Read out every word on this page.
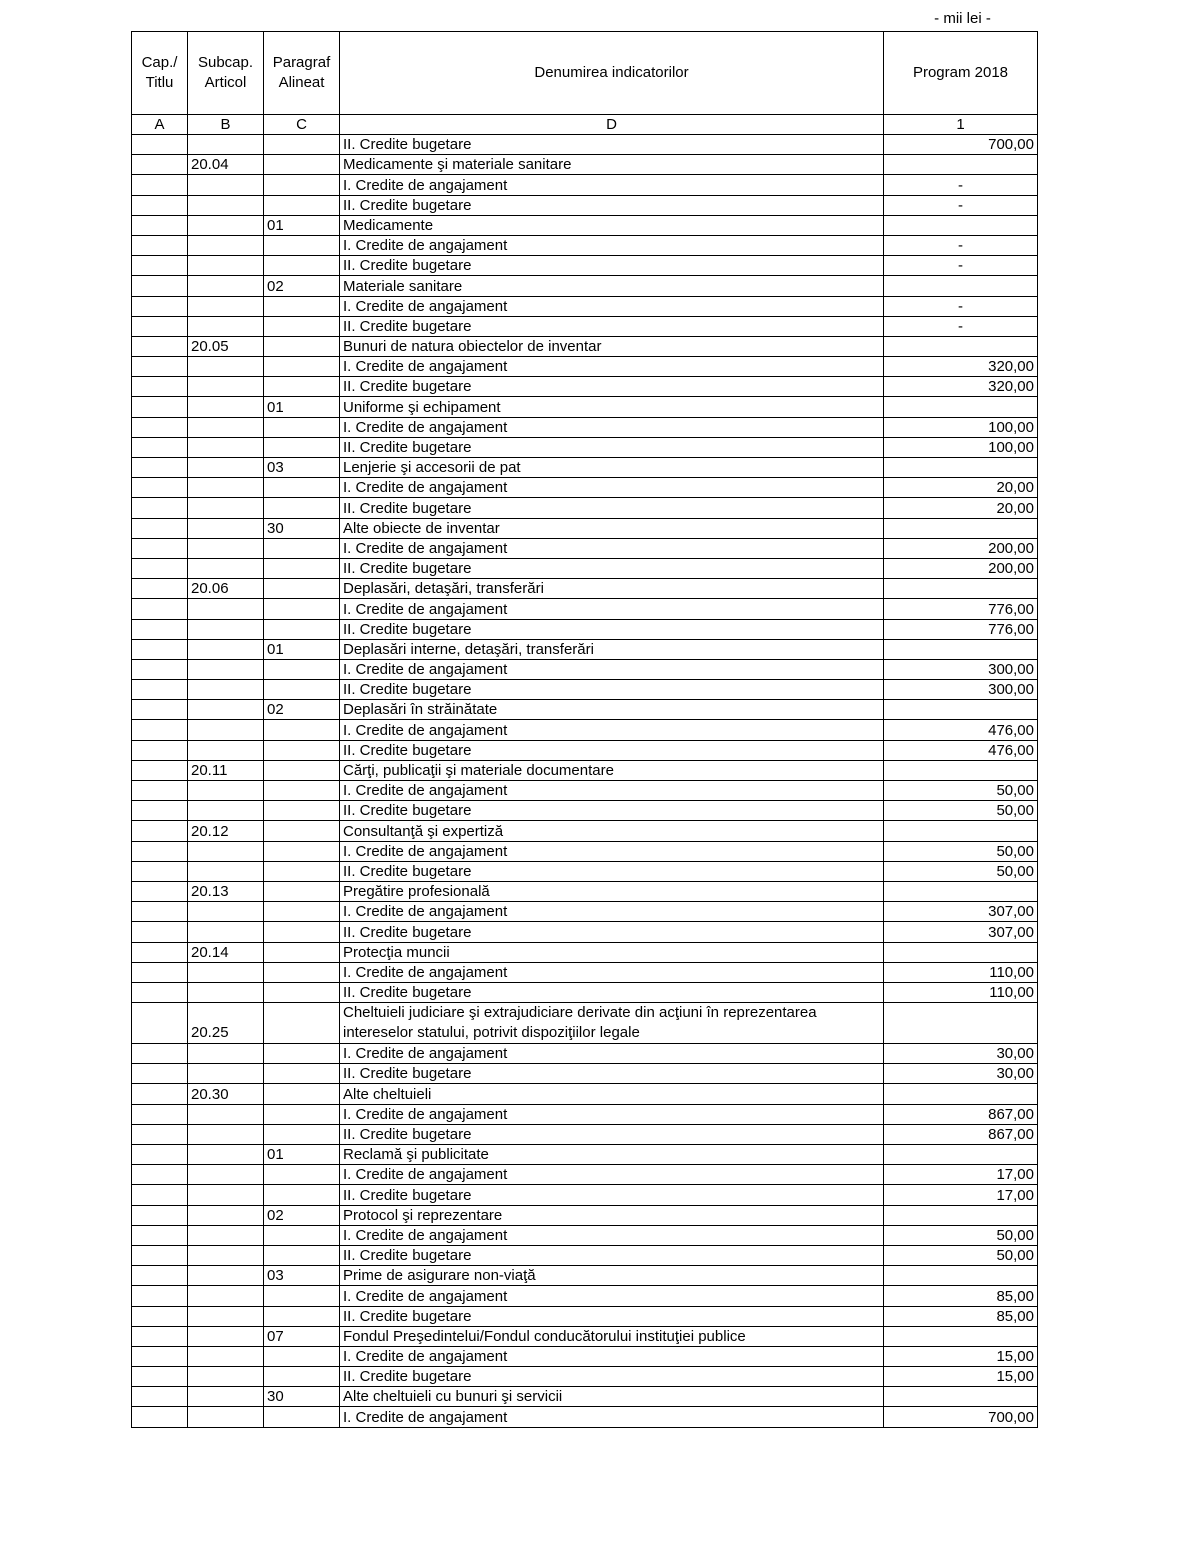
- mii lei -
Cap./ Titlu	Subcap. Articol	Paragraf Alineat	Denumirea indicatorilor	Program 2018
A	B	C	D	1
			II. Credite bugetare	700,00
	20.04		Medicamente şi materiale sanitare	
			I. Credite de angajament	-
			II. Credite bugetare	-
		01	Medicamente	
			I. Credite de angajament	-
			II. Credite bugetare	-
		02	Materiale sanitare	
			I. Credite de angajament	-
			II. Credite bugetare	-
	20.05		Bunuri de natura obiectelor de inventar	
			I. Credite de angajament	320,00
			II. Credite bugetare	320,00
		01	Uniforme şi echipament	
			I. Credite de angajament	100,00
			II. Credite bugetare	100,00
		03	Lenjerie şi accesorii de pat	
			I. Credite de angajament	20,00
			II. Credite bugetare	20,00
		30	Alte obiecte de inventar	
			I. Credite de angajament	200,00
			II. Credite bugetare	200,00
	20.06		Deplasări, detaşări, transferări	
			I. Credite de angajament	776,00
			II. Credite bugetare	776,00
		01	Deplasări interne, detaşări, transferări	
			I. Credite de angajament	300,00
			II. Credite bugetare	300,00
		02	Deplasări în străinătate	
			I. Credite de angajament	476,00
			II. Credite bugetare	476,00
	20.11		Cărţi, publicaţii şi materiale documentare	
			I. Credite de angajament	50,00
			II. Credite bugetare	50,00
	20.12		Consultanţă şi expertiză	
			I. Credite de angajament	50,00
			II. Credite bugetare	50,00
	20.13		Pregătire profesională	
			I. Credite de angajament	307,00
			II. Credite bugetare	307,00
	20.14		Protecţia muncii	
			I. Credite de angajament	110,00
			II. Credite bugetare	110,00
	20.25		Cheltuieli judiciare şi extrajudiciare derivate din acţiuni în reprezentarea intereselor statului, potrivit dispoziţiilor legale	
			I. Credite de angajament	30,00
			II. Credite bugetare	30,00
	20.30		Alte cheltuieli	
			I. Credite de angajament	867,00
			II. Credite bugetare	867,00
		01	Reclamă şi publicitate	
			I. Credite de angajament	17,00
			II. Credite bugetare	17,00
		02	Protocol şi reprezentare	
			I. Credite de angajament	50,00
			II. Credite bugetare	50,00
		03	Prime de asigurare non-viaţă	
			I. Credite de angajament	85,00
			II. Credite bugetare	85,00
		07	Fondul Preşedintelui/Fondul conducătorului instituţiei publice	
			I. Credite de angajament	15,00
			II. Credite bugetare	15,00
		30	Alte cheltuieli cu bunuri şi servicii	
			I. Credite de angajament	700,00
